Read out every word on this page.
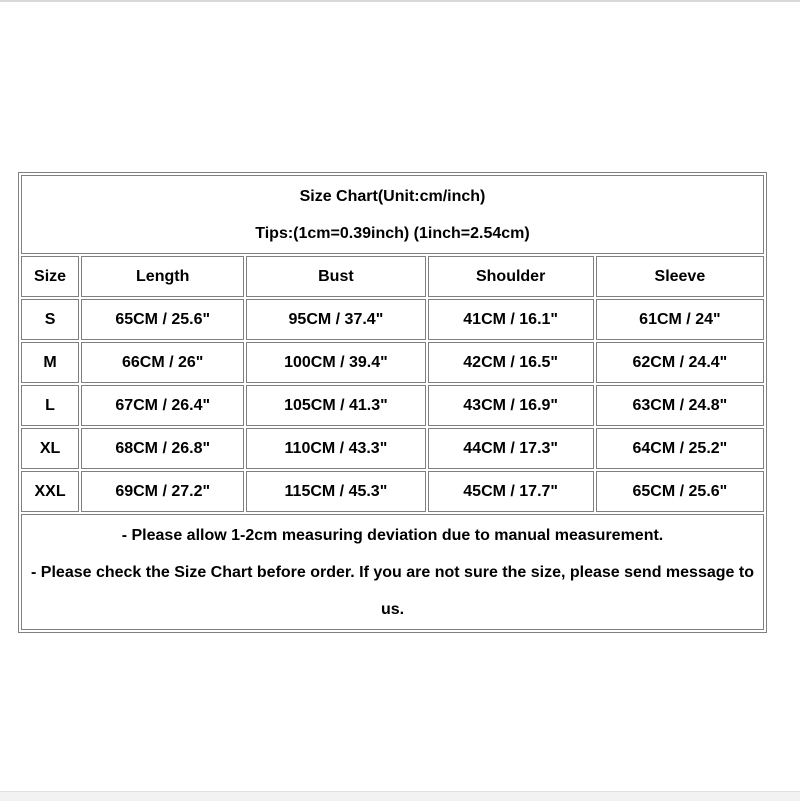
Size Chart(Unit:cm/inch)
Tips:(1cm=0.39inch) (1inch=2.54cm)				

Size	Length	Bust	Shoulder	Sleeve
S	65CM / 25.6"	95CM / 37.4"	41CM / 16.1"	61CM / 24"
M	66CM / 26"	100CM / 39.4"	42CM / 16.5"	62CM / 24.4"
L	67CM / 26.4"	105CM / 41.3"	43CM / 16.9"	63CM / 24.8"
XL	68CM / 26.8"	110CM / 43.3"	44CM / 17.3"	64CM / 25.2"
XXL	69CM / 27.2"	115CM / 45.3"	45CM / 17.7"	65CM / 25.6"

- Please allow 1-2cm measuring deviation due to manual measurement.
- Please check the Size Chart before order. If you are not sure the size, please send message to us.				
